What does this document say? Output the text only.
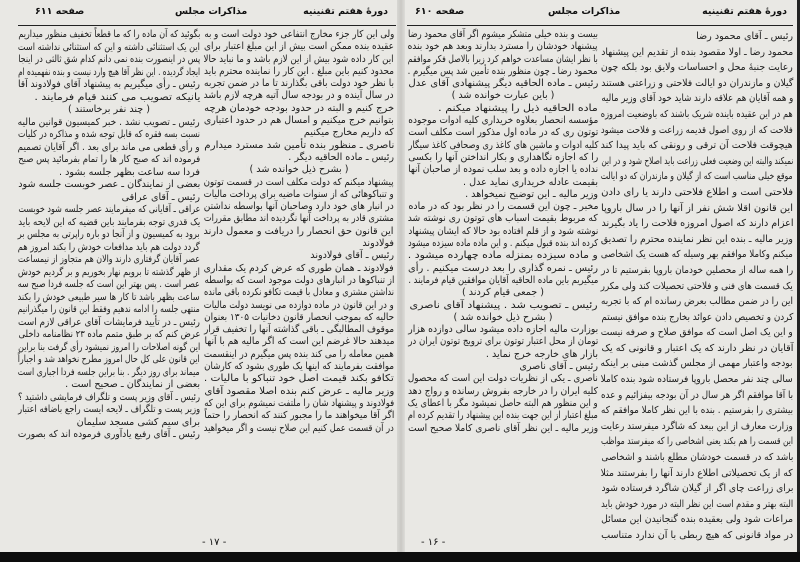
دورهٔ هفتم تقنینیه
مذاکرات مجلس
صفحه ۶۱۱
ولی این کار جزء مخارج انتفاعی خود دولت است و به
عقیده بنده ممکن است بیش از این مبلغ اعتبار برای
این کار داده شود بیش از این لازم باشد و ما نباید حالا
محدود کنیم باین مبلغ . این کار را نماینده محترم باید
با نظر خود دولت باقی بگذارند تا ما در ضمن تجربه
در سال آینده و در بودجه سال آتیه هرچه لازم باشد
خرج کنیم و البته در حدود بودجه خودمان هرچه
بتوانیم خرج میکنیم و امسال هم در حدود اعتباری
که داریم مخارج میکنیم
ناصری ـ منظور بنده تأمین شد مسترد میدارم
رئیس ـ ماده الحاقیه دیگر .
( بشرح ذیل خوانده شد )
پیشنهاد میکنم که دولت مکلف است در قسمت توتون
و تنباکوهائی که از سنوات ماضیه برای پرداخت مالیات
در انبار های خود دارد وصاحبان آنها بواسطه نداشتن
مشتری قادر به پرداخت آنها نگردیده اند مطابق مقررات
این قانون حق انحصار را دریافت و معمول دارند
فولادوند
رئیس ـ آقای فولادوند
فولادوند ـ همان طوری که عرض کردم یک مقداری
از تنباکوها در انبارهای دولت موجود است که بواسطه
نداشتن مشتری و معادل با قیمت تکافو نکرده باقی مانده
و در این قانون در ماده دوازده می نویسد دولت مالیات
حالیه که بموجب انحصار قانون دخانیات ۱۳۰۵ بعنوان
موقوف المطالبگی ـ باقی گذاشته آنها را تخفیف قرار
میدهند حالا غرضم این است که اگر مالیه هم با آنها
همین معامله را می کند بنده پس میگیرم در اینقسمت
موافقت بفرمایند که اینها یک طوری بشود که کارشان
تکافو بکند قیمت اصل خود تنباکو با مالیات .
وزیر مالیه ـ عرض کنم بنده اصلا مقصود آقای
فولادوند و پیشنهاد شان را ملتفت نمیشوم برای این که
اگر آقا میخواهند ما را مجبور کنند که انحصار را حتماً
در آن قسمت عمل کنیم این صلاح نیست و اگر میخواهید
بگوئید که آن ماده را که ما قطعاً تخفیف منظور میداریم
این یک استثنائی داشته و این که استثنائی نداشته است
پس در اینصورت بنده نمی دانم کدام شق ثالثی در اینجا
ایجاد گردیده . این نظر آقا هیچ وارد نیست و بنده نفهمیده ام
رئیس ـ رأی میگیریم به پیشنهاد آقای فولادوند آقا
یانیکه تصویب می کنند قیام فرمایند .
( چند نفر برخاستند )
رئیس ـ تصویب نشد . خبر کمیسیون قوانین مالیه
نسبت بسه فقره که قابل توجه شده و مذاکره در کلیات
و رأی قطعی می ماند برای بعد . اگر آقایان تصمیم
فرموده اند که صبح کار ها را تمام بفرمائید پس صبح
فردا سه ساعت بظهر جلسه بشود .
بعضی از نمایندگان ـ عصر خوبست جلسه شود
رئیس ـ آقای عراقی
عراقی ـ آقایانی که میفرمایند عصر جلسه شود خوبست
یک قدری توجه بفرمایند باین قضیه که این لایحه باید
برود به کمیسیون و از آنجا دو باره راپرتی به مجلس بر
گردد دولت هم باید مدافعات خودش را بکند امروز هم
عصر آقایان گرفتاری دارند والان هم متجاوز از نیمساعت
از ظهر گذشته تا برویم نهار بخوریم و بر گردیم خودش
عصر است . پس بهتر این است که جلسه فردا صبح سه
ساعت بظهر باشد تا کار ها سیر طبیعی خودش را بکند
منتهی جلسه را ادامه ندهیم وفقط این قانون را میگذرانیم
رئیس ـ در تأیید فرمایشات آقای عراقی لازم است
عرض کنم که بر طبق متمم ماده ۲۳ نظامنامه داخلی
این گونه اصلاحات را امروز نمیشود رأی گرفت بنا براین
این قانون علی کل حال امروز مطرح نخواهد شد و اجباراً
میماند برای روز دیگر . بنا براین جلسه فردا اجباری است
بعضی از نمایندگان ـ صحیح است .
رئیس ـ آقای وزیر پست و تلگراف فرمایشی داشتید ؟
وزیر پست و تلگراف ـ لایحه ایست راجع باضافه اعتبار
برای سیم کشی مسجد سلیمان
رئیس ـ آقای رفیع یادآوری فرموده اند که بصورت
- ۱۷ -
دورهٔ هفتم تقنینیه
مذاکرات مجلس
صفحه ۶۱۰
رئیس ـ آقای محمود رضا
محمود رضا ـ اولا مقصود بنده از تقدیم این پیشنهاد
رعایت جنبهٔ محل و احساسات ولایق بود بلکه چون
گیلان و مازندران دو ایالت فلاحتی و زراعتی هستند
و همه آقایان هم علاقه دارند شاید خود آقای وزیر مالیه
هم در این عقیده باینده شریک باشند که باوضعیت امروزه
فلاحت که از روی اصول قدیمه زراعت و فلاحت میشود
هیچوقت فلاحت آن ترقی و رونقی که باید پیدا کند
نمیکند والبته این وضعیت فعلی زراعت باید اصلاح شود و در این
موقع خیلی مناسب است که از گیلان و مازندران که دو ایالت
فلاحتی است و اطلاع فلاحتی دارند یا رای دادن
این قانون اقلا شش نفر از آنها را در سال باروپا
اعزام دارند که اصول امروزه فلاحت را یاد بگیرند
وزیر مالیه ـ بنده این نظر نماینده محترم را تصدیق
میکنم وکاملا موافقم بهر وسیله که هست یک اشخاصی
را همه ساله از محصلین خودمان باروپا بفرستیم تا در
یک قسمت های فنی و فلاحتی تحصیلات کند ولی مکرر
این را در ضمن مطالب بعرض رسانده ام که با تجربه
کردن و تخصیص دادن عوائد بخارج بنده موافق نیستم
و این یک اصل است که موافق صلاح و صرفه نیست
آقایان در نظر دارند که یک اعتبار و قانونی که یک
بودجه واعتبار مهمی از مجلس گذشت مبنی بر اینکه
سالی چند نفر محصل باروپا فرستاده شود بنده کاملا
با آقا موافقم اگر هر سال در آن بودجه بیفزائیم و عده
بیشتری را بفرستیم . بنده با این نظر کاملا موافقم که
وزارت معارف از این ببعد که شاگرد میفرستد رعایت
این قسمت را هم بکند یعنی اشخاصی را که میفرستد مواظب
باشد که در قسمت خودشان مطلع باشند و اشخاصی
که از یک تحصیلاتی اطلاع دارند آنها را بفرستند مثلا
برای زراعت چای اگر از گیلان شاگرد فرستاده شود
البته بهتر و مقدم است این نظر البته در مورد خودش باید
مراعات شود ولی بعقیده بنده گنجانیدن این مسائل
در مواد قانونی که هیچ ربطی با آن ندارد متناسب
بیست و بنده خیلی متشکر میشوم اگر آقای محمود رضا
پیشنهاد خودشان را مسترد بدارند وبعد هم خود بنده
با نظر ایشان مساعدت خواهم کرد زیرا بالاصل فکر موافقم
محمود رضا ـ چون منظور بنده تأمین شد پس میگیرم .
رئیس ـ ماده الحاقیه دیگر پیشنهادی آقای عدل
( باین عبارت خوانده شد )
ماده الحاقیه ذیل را پیشنهاد میکنم .
مؤسسه انحصار بعلاوه خریداری کلیه ادوات موجوده
توتون ری که در ماده اول مذکور است مکلف است
کلیه ادوات و ماشین های کاغذ ری وصحافی کاغذ سیگار
را که اجازه نگاهداری و بکار انداختن آنها را بکسی
نداده یا اجازه داده و بعد سلب نموده از صاحبان آنها
بقیمت عادله خریداری نماید عدل .
وزیر مالیه ـ این توضیح نمیخواهد .
مخبر ـ چون این قسمت را در نظر بود که در ماده
که مربوط بقیمت اسباب های توتون ری نوشته شد
نوشته شود و از قلم افتاده بود حالا که ایشان پیشنهاد
کرده اند بنده قبول میکنم . و این ماده ماده سیزده میشود
و ماده سیزده بمنزله ماده چهارده میشود .
رئیس ـ نمره گذاری را بعد درست میکنیم . رأی
میگیریم باین ماده الحاقیه آقایان موافقین قیام فرمایند .
( جمعی قیام کردند )
رئیس ـ تصویب شد . پیشنهاد آقای ناصری
( بشرح ذیل خوانده شد )
بوزارت مالیه اجازه داده میشود سالی دوازده هزار
تومان از محل اعتبار توتون برای ترویج توتون ایران در
بازار های خارجه خرج نماید .
رئیس ـ آقای ناصری
ناصری ـ یکی از نظریات دولت این است که محصول
کلیه ایران را در خارجه بفروش رسانده و رواج دهد
و این منظور هم البته حاصل نمیشود مگر با اعطای یک
مبلغ اعتبار از این جهت بنده این پیشنهاد را تقدیم کرده ام
وزیر مالیه ـ این نظر آقای ناصری کاملا صحیح است
- ۱۶ -
